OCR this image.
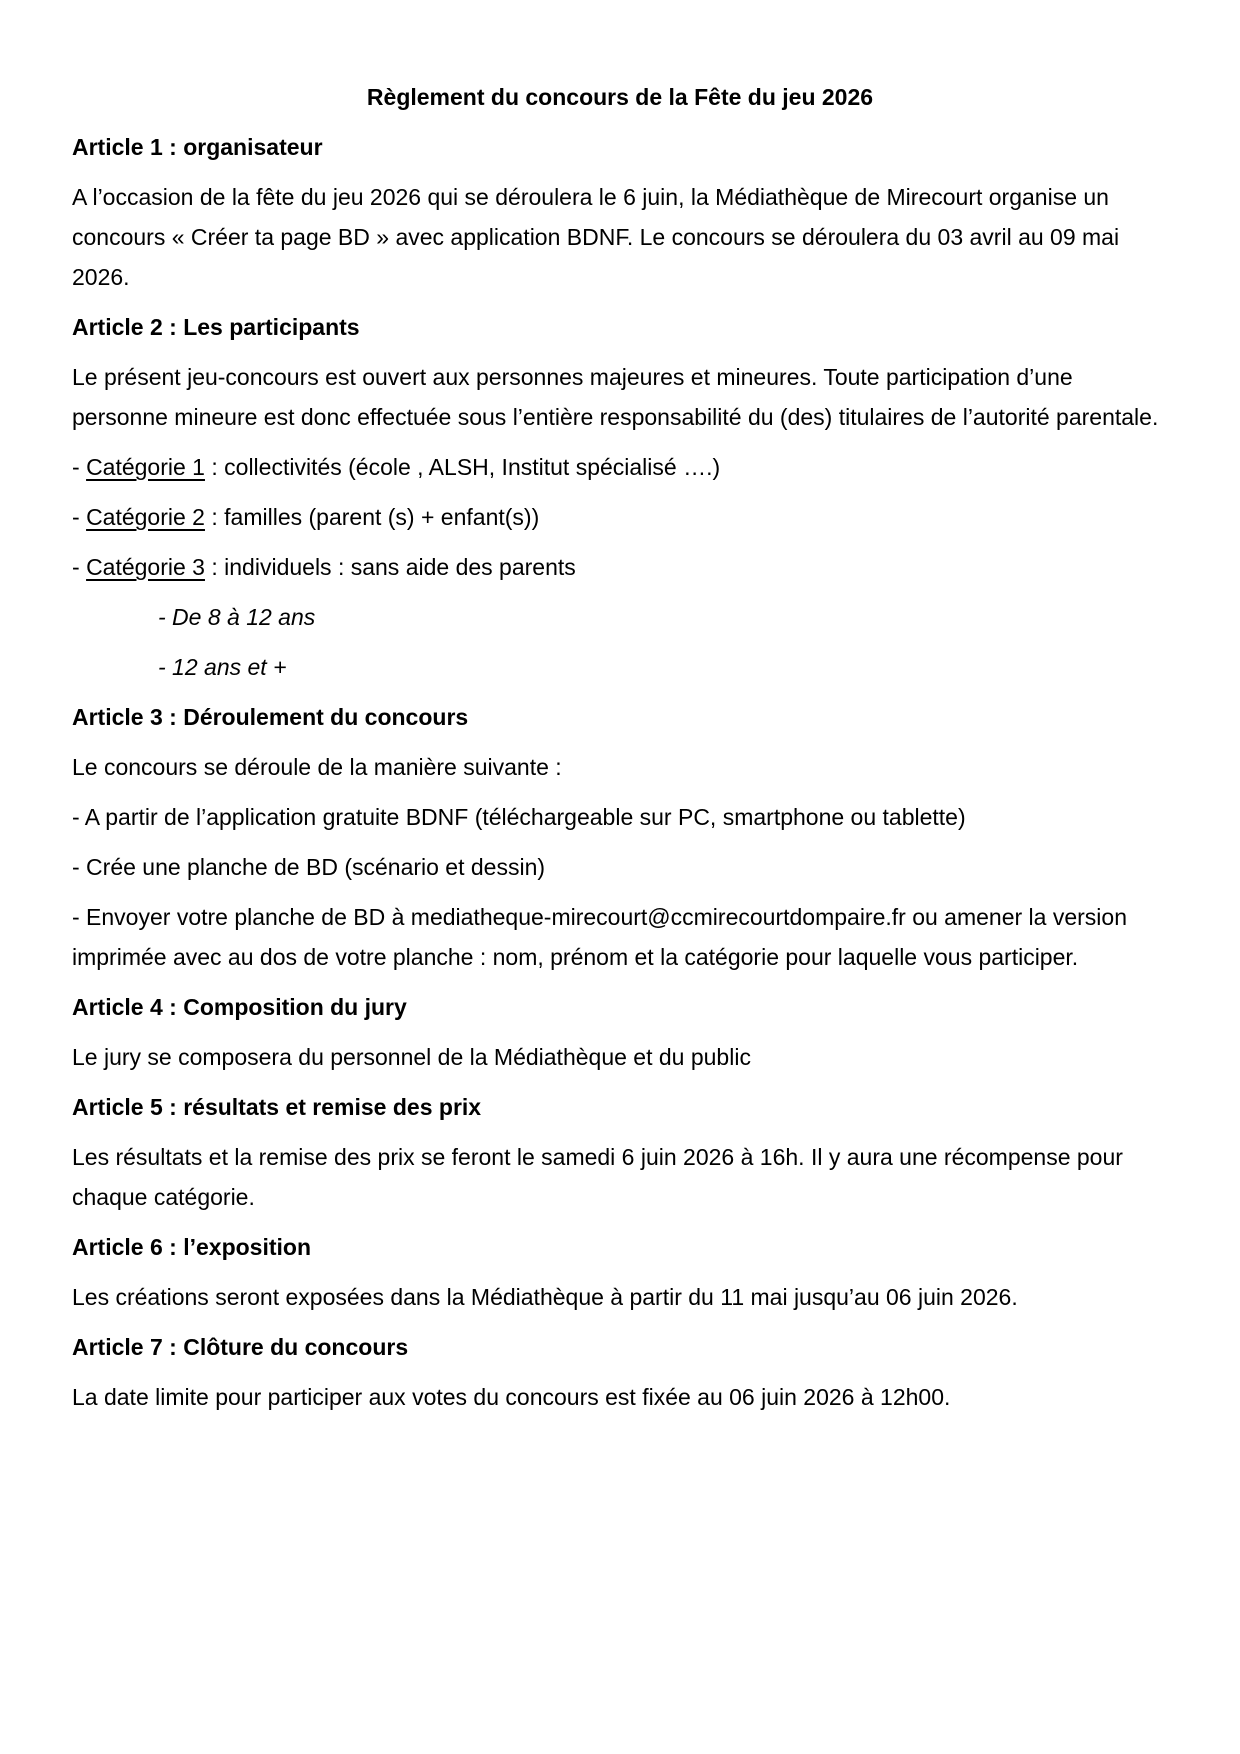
Règlement du concours de la Fête du jeu 2026
Article 1 : organisateur

A l’occasion de la fête du jeu 2026 qui se déroulera le 6 juin, la Médiathèque de Mirecourt organise un concours « Créer ta page BD » avec application BDNF. Le concours se déroulera du 03 avril au 09 mai 2026.

Article 2 : Les participants

Le présent jeu-concours est ouvert aux personnes majeures et mineures. Toute participation d’une personne mineure est donc effectuée sous l’entière responsabilité du (des) titulaires de l’autorité parentale.

- Catégorie 1 : collectivités (école , ALSH, Institut spécialisé ….)

- Catégorie 2 : familles (parent (s) + enfant(s))

- Catégorie 3 : individuels : sans aide des parents

- De 8 à 12 ans

- 12 ans et +

Article 3 : Déroulement du concours

Le concours se déroule de la manière suivante :

- A partir de l’application gratuite BDNF (téléchargeable sur PC, smartphone ou tablette)

- Crée une planche de BD (scénario et dessin)

- Envoyer votre planche de BD à mediatheque-mirecourt@ccmirecourtdompaire.fr ou amener la version imprimée avec au dos de votre planche : nom, prénom et la catégorie pour laquelle vous participer.

Article 4 : Composition du jury

Le jury se composera du personnel de la Médiathèque et du public

Article 5 : résultats et remise des prix

Les résultats et la remise des prix se feront le samedi 6 juin 2026 à 16h. Il y aura une récompense pour chaque catégorie.

Article 6 : l’exposition

Les créations seront exposées dans la Médiathèque à partir du 11 mai jusqu’au 06 juin 2026.

Article 7 : Clôture du concours

La date limite pour participer aux votes du concours est fixée au 06 juin 2026 à 12h00.
